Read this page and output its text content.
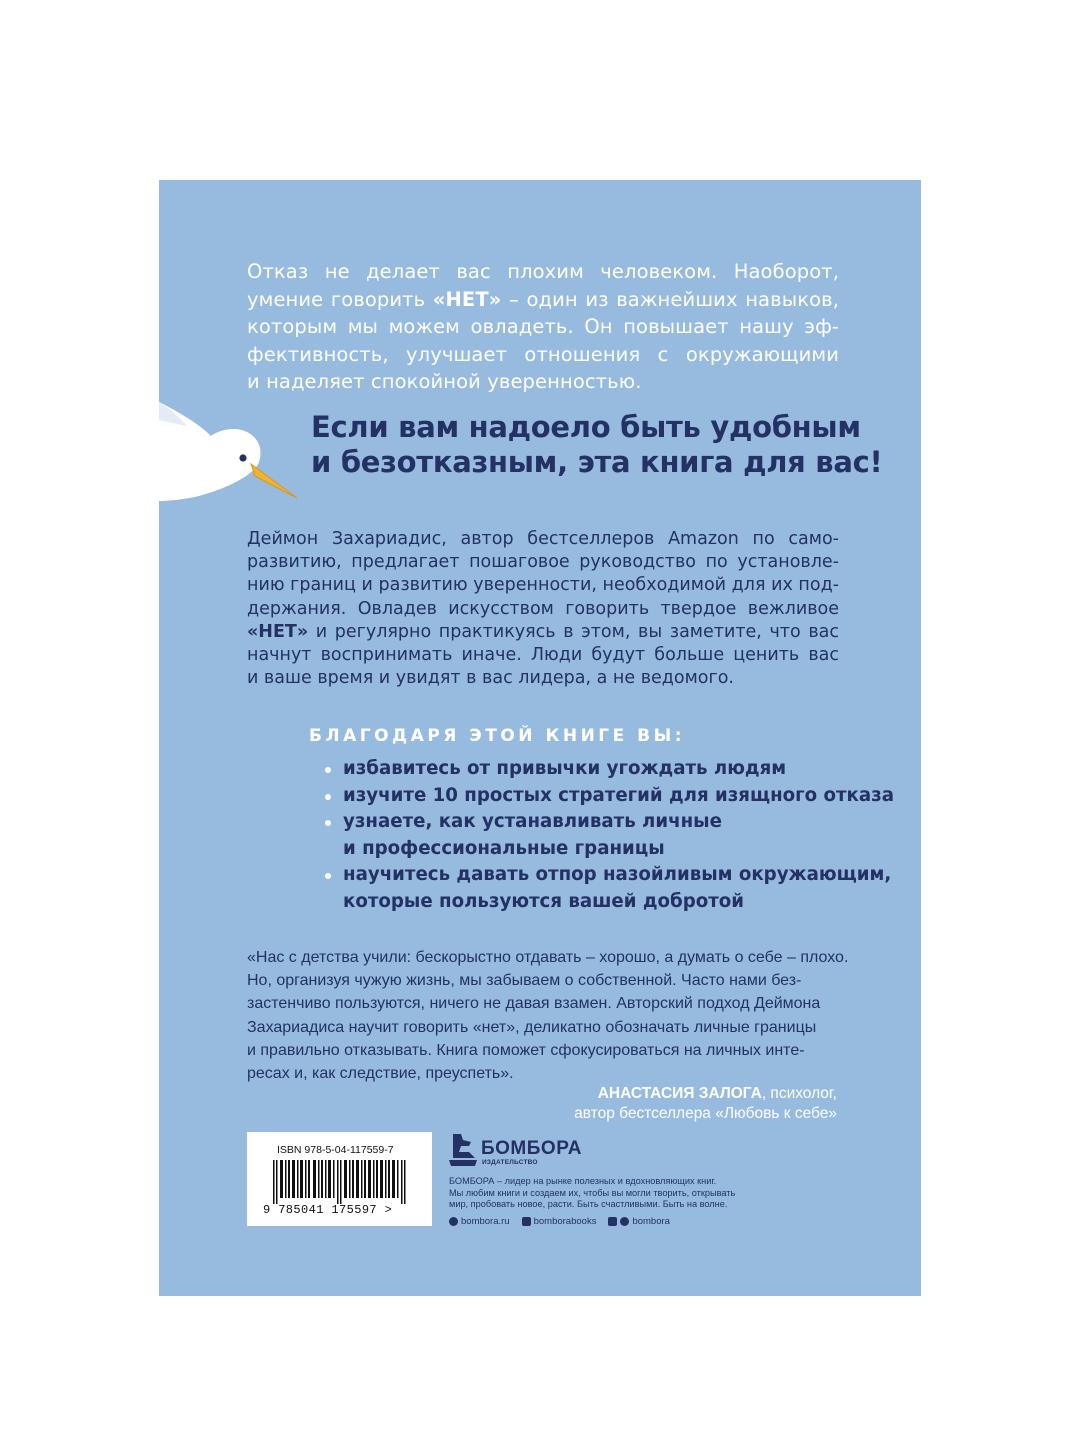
Отказ не делает вас плохим человеком. Наоборот,
умение говорить «НЕТ» – один из важнейших навыков,
которым мы можем овладеть. Он повышает нашу эф-
фективность, улучшает отношения с окружающими
и наделяет спокойной уверенностью.
Если вам надоело быть удобным
и безотказным, эта книга для вас!
Деймон Захариадис, автор бестселлеров Amazon по само-
развитию, предлагает пошаговое руководство по установле-
нию границ и развитию уверенности, необходимой для их под-
держания. Овладев искусством говорить твердое вежливое
«НЕТ» и регулярно практикуясь в этом, вы заметите, что вас
начнут воспринимать иначе. Люди будут больше ценить вас
и ваше время и увидят в вас лидера, а не ведомого.
БЛАГОДАРЯ ЭТОЙ КНИГЕ ВЫ:
избавитесь от привычки угождать людям
изучите 10 простых стратегий для изящного отказа
узнаете, как устанавливать личные
и профессиональные границы
научитесь давать отпор назойливым окружающим,
которые пользуются вашей добротой
«Нас с детства учили: бескорыстно отдавать – хорошо, а думать о себе – плохо.
Но, организуя чужую жизнь, мы забываем о собственной. Часто нами без-
застенчиво пользуются, ничего не давая взамен. Авторский подход Деймона
Захариадиса научит говорить «нет», деликатно обозначать личные границы
и правильно отказывать. Книга поможет сфокусироваться на личных инте-
ресах и, как следствие, преуспеть».
АНАСТАСИЯ ЗАЛОГА, психолог,
автор бестселлера «Любовь к себе»
ISBN 978-5-04-117559-7
9 785041 175597 >
БОМБОРА
ИЗДАТЕЛЬСТВО
БОМБОРА – лидер на рынке полезных и вдохновляющих книг.
Мы любим книги и создаем их, чтобы вы могли творить, открывать
мир, пробовать новое, расти. Быть счастливыми. Быть на волне.
bombora.ru	bomborabooks	bombora
